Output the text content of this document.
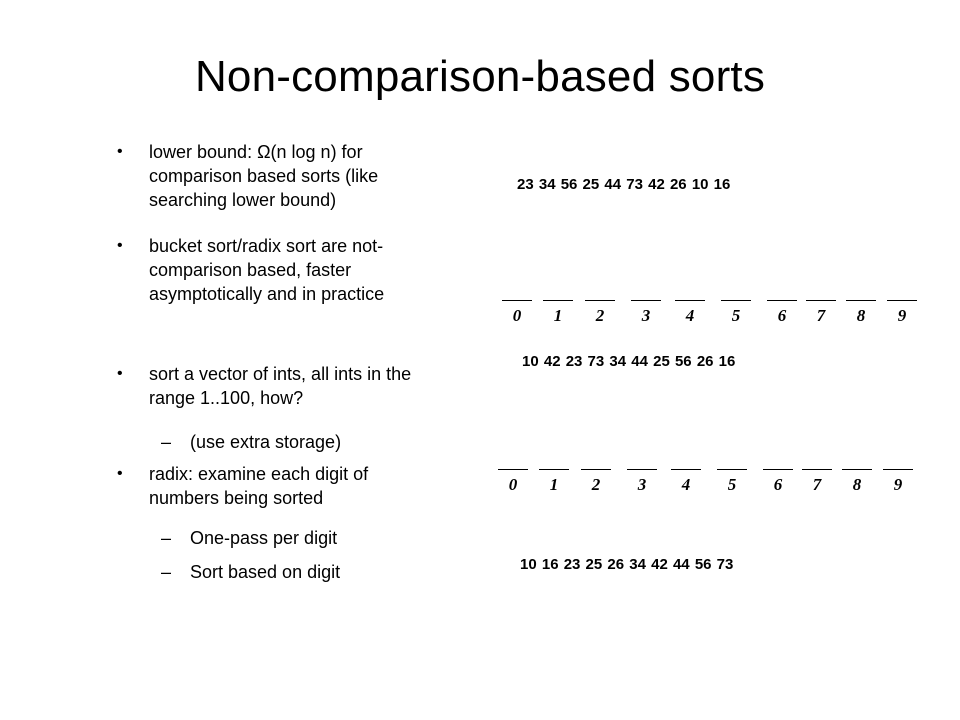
Non-comparison-based sorts
• lower bound: Ω(n log n) for
comparison based sorts (like
searching lower bound)
• bucket sort/radix sort are not-
comparison based, faster
asymptotically and in practice
• sort a vector of ints, all ints in the
range 1..100, how?
– (use extra storage)
• radix: examine each digit of
numbers being sorted
– One-pass per digit
– Sort based on digit
23 34 56 25 44 73 42 26 10 16
0	1	2	3	4	5	6	7	8	9
10 42 23 73 34 44 25 56 26 16
0	1	2	3	4	5	6	7	8	9
10 16 23 25 26 34 42 44 56 73
